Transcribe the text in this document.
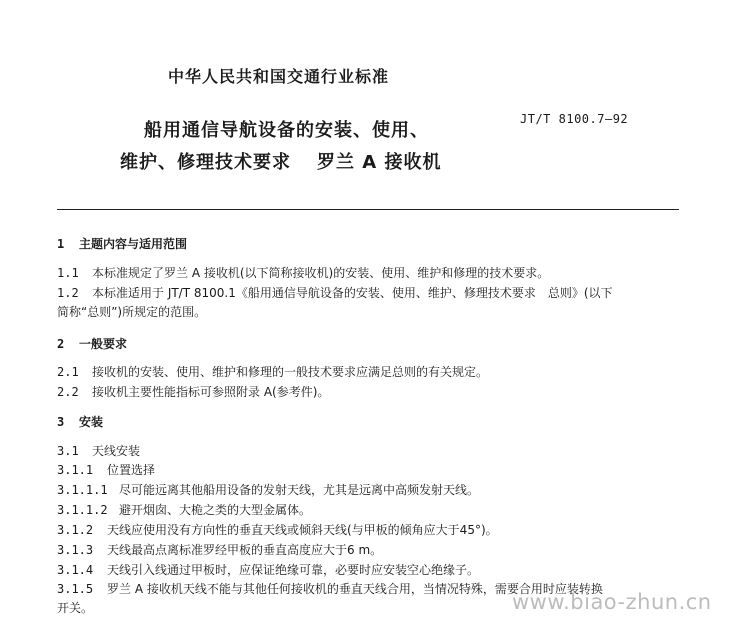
中华人民共和国交通行业标准
JT/T 8100.7—92
船用通信导航设备的安装、使用、
维护、修理技术要求 罗兰 A 接收机
1 主题内容与适用范围
1.1 本标准规定了罗兰 A 接收机(以下简称接收机)的安装、使用、维护和修理的技术要求。
1.2 本标准适用于 JT/T 8100.1《船用通信导航设备的安装、使用、维护、修理技术要求　总则》(以下
简称“总则”)所规定的范围。
2 一般要求
2.1 接收机的安装、使用、维护和修理的一般技术要求应满足总则的有关规定。
2.2 接收机主要性能指标可参照附录 A(参考件)。
3 安装
3.1 天线安装
3.1.1 位置选择
3.1.1.1 尽可能远离其他船用设备的发射天线，尤其是远离中高频发射天线。
3.1.1.2 避开烟囱、大桅之类的大型金属体。
3.1.2 天线应使用没有方向性的垂直天线或倾斜天线(与甲板的倾角应大于45°)。
3.1.3 天线最高点离标准罗经甲板的垂直高度应大于6 m。
3.1.4 天线引入线通过甲板时，应保证绝缘可靠，必要时应安装空心绝缘子。
3.1.5 罗兰 A 接收机天线不能与其他任何接收机的垂直天线合用，当情况特殊，需要合用时应装转换
开关。	www.biao-zhun.cn
